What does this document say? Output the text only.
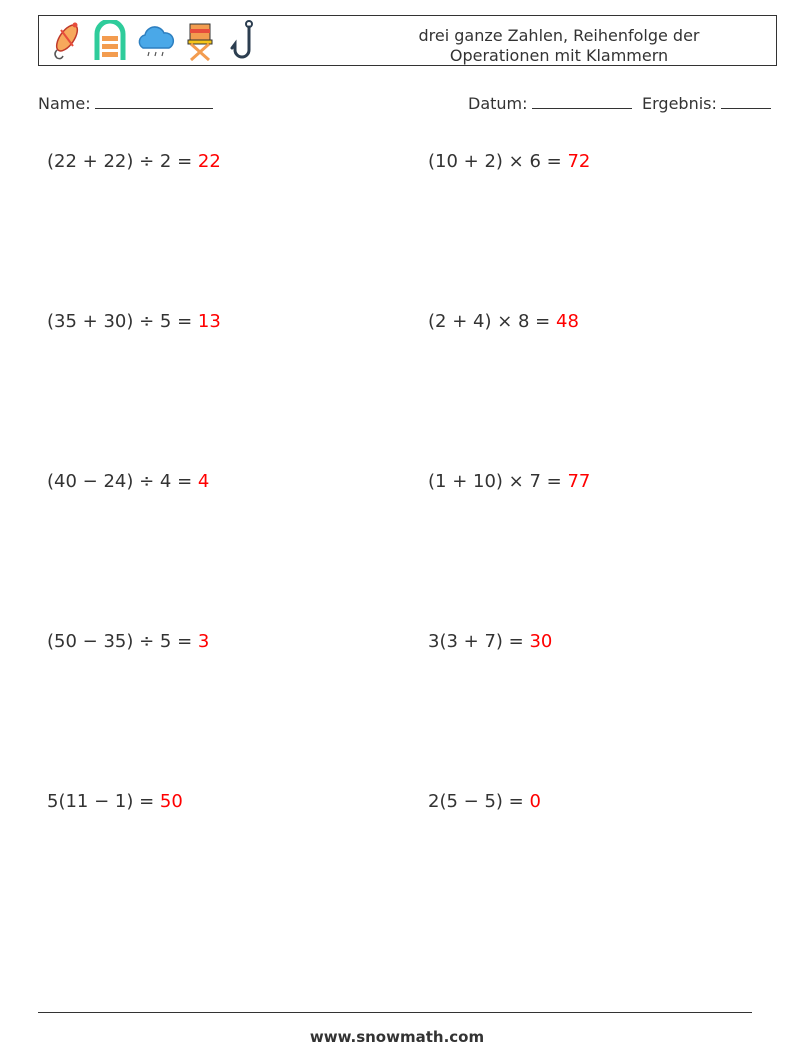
drei ganze Zahlen, Reihenfolge der
Operationen mit Klammern
Name:	Datum:	Ergebnis:
(22 + 22) ÷ 2 = 22	(10 + 2) × 6 = 72
(35 + 30) ÷ 5 = 13	(2 + 4) × 8 = 48
(40 − 24) ÷ 4 = 4	(1 + 10) × 7 = 77
(50 − 35) ÷ 5 = 3	3(3 + 7) = 30
5(11 − 1) = 50	2(5 − 5) = 0
www.snowmath.com
